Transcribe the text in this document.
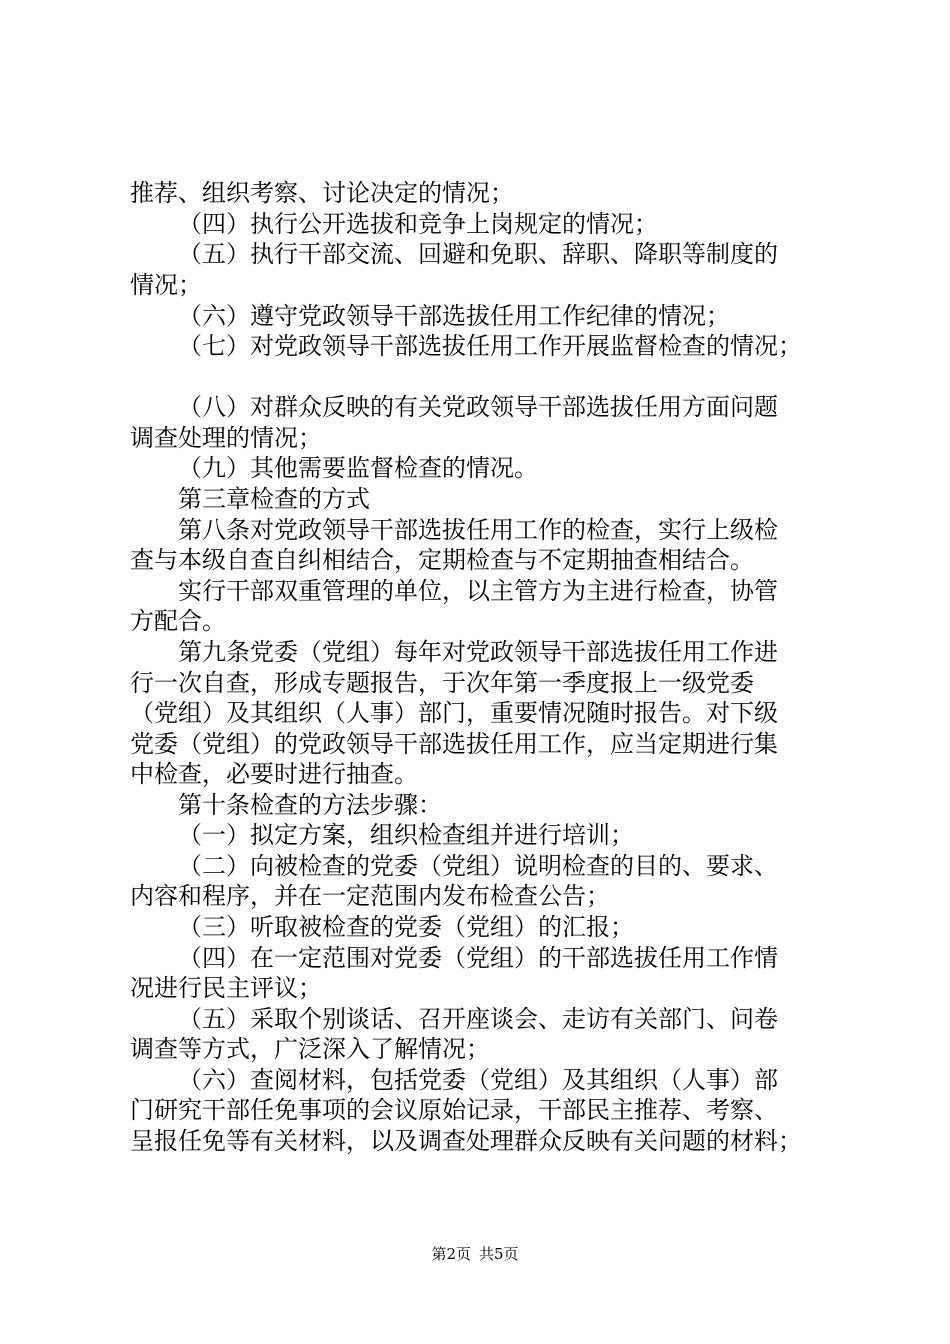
推荐、组织考察、讨论决定的情况；

（四）执行公开选拔和竞争上岗规定的情况；

（五）执行干部交流、回避和免职、辞职、降职等制度的

情况；

（六）遵守党政领导干部选拔任用工作纪律的情况；

（七）对党政领导干部选拔任用工作开展监督检查的情况；

（八）对群众反映的有关党政领导干部选拔任用方面问题

调查处理的情况；

（九）其他需要监督检查的情况。

第三章检查的方式

第八条对党政领导干部选拔任用工作的检查，实行上级检

查与本级自查自纠相结合，定期检查与不定期抽查相结合。

实行干部双重管理的单位，以主管方为主进行检查，协管

方配合。

第九条党委（党组）每年对党政领导干部选拔任用工作进

行一次自查，形成专题报告，于次年第一季度报上一级党委

（党组）及其组织（人事）部门，重要情况随时报告。对下级

党委（党组）的党政领导干部选拔任用工作，应当定期进行集

中检查，必要时进行抽查。

第十条检查的方法步骤：

（一）拟定方案，组织检查组并进行培训；

（二）向被检查的党委（党组）说明检查的目的、要求、

内容和程序，并在一定范围内发布检查公告；

（三）听取被检查的党委（党组）的汇报；

（四）在一定范围对党委（党组）的干部选拔任用工作情

况进行民主评议；

（五）采取个别谈话、召开座谈会、走访有关部门、问卷

调查等方式，广泛深入了解情况；

（六）查阅材料，包括党委（党组）及其组织（人事）部

门研究干部任免事项的会议原始记录，干部民主推荐、考察、

呈报任免等有关材料，以及调查处理群众反映有关问题的材料；

第2页 共5页
